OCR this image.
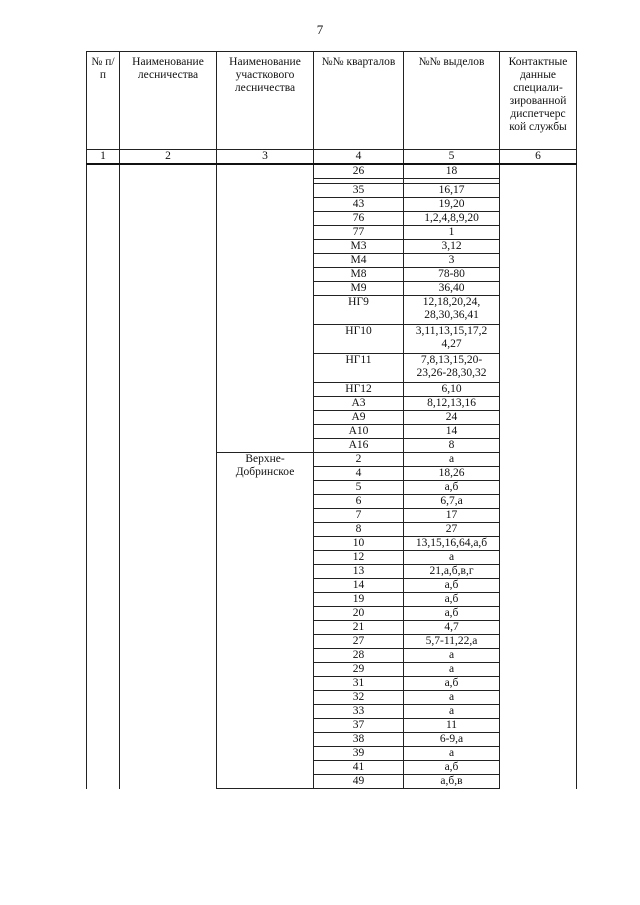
7
№ п/п	Наименование лесничества	Наименование участкового лесничества	№№ кварталов	№№ выделов	Контактные данные специали-зированной диспетчерс кой службы
1	2	3	4	5	6
			26	18	

			35	16,17	
			43	19,20	
			76	1,2,4,8,9,20	
			77	1	
			М3	3,12	
			М4	3	
			М8	78-80	
			М9	36,40	
			НГ9	12,18,20,24, 28,30,36,41	
			НГ10	3,11,13,15,17,2 4,27	
			НГ11	7,8,13,15,20- 23,26-28,30,32	
			НГ12	6,10	
			А3	8,12,13,16	
			А9	24	
			А10	14	
			А16	8	
		Верхне-Добринское	2	а	
			4	18,26	
			5	а,б	
			6	6,7,а	
			7	17	
			8	27	
			10	13,15,16,64,а,б	
			12	а	
			13	21,а,б,в,г	
			14	а,б	
			19	а,б	
			20	а,б	
			21	4,7	
			27	5,7-11,22,а	
			28	а	
			29	а	
			31	а,б	
			32	а	
			33	а	
			37	11	
			38	6-9,а	
			39	а	
			41	а,б	
			49	а,б,в	
